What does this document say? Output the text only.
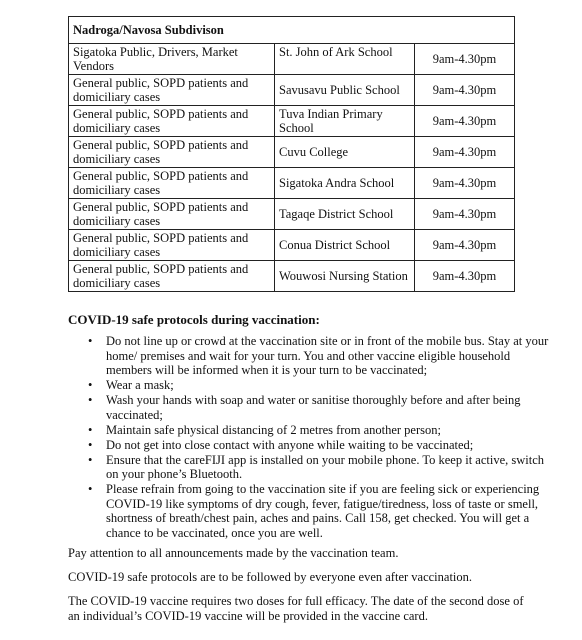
Nadroga/Navosa Subdivison		
Sigatoka Public, Drivers, Market Vendors	St. John of Ark School	9am-4.30pm
General public, SOPD patients and domiciliary cases	Savusavu Public School	9am-4.30pm
General public, SOPD patients and domiciliary cases	Tuva Indian Primary School	9am-4.30pm
General public, SOPD patients and domiciliary cases	Cuvu College	9am-4.30pm
General public, SOPD patients and domiciliary cases	Sigatoka Andra School	9am-4.30pm
General public, SOPD patients and domiciliary cases	Tagaqe District School	9am-4.30pm
General public, SOPD patients and domiciliary cases	Conua District School	9am-4.30pm
General public, SOPD patients and domiciliary cases	Wouwosi Nursing Station	9am-4.30pm
COVID-19 safe protocols during vaccination:
• Do not line up or crowd at the vaccination site or in front of the mobile bus. Stay at your home/ premises and wait for your turn. You and other vaccine eligible household members will be informed when it is your turn to be vaccinated;
• Wear a mask;
• Wash your hands with soap and water or sanitise thoroughly before and after being vaccinated;
• Maintain safe physical distancing of 2 metres from another person;
• Do not get into close contact with anyone while waiting to be vaccinated;
• Ensure that the careFIJI app is installed on your mobile phone. To keep it active, switch on your phone’s Bluetooth.
• Please refrain from going to the vaccination site if you are feeling sick or experiencing COVID-19 like symptoms of dry cough, fever, fatigue/tiredness, loss of taste or smell, shortness of breath/chest pain, aches and pains. Call 158, get checked. You will get a chance to be vaccinated, once you are well.
Pay attention to all announcements made by the vaccination team.
COVID-19 safe protocols are to be followed by everyone even after vaccination.
The COVID-19 vaccine requires two doses for full efficacy. The date of the second dose of an individual’s COVID-19 vaccine will be provided in the vaccine card.
